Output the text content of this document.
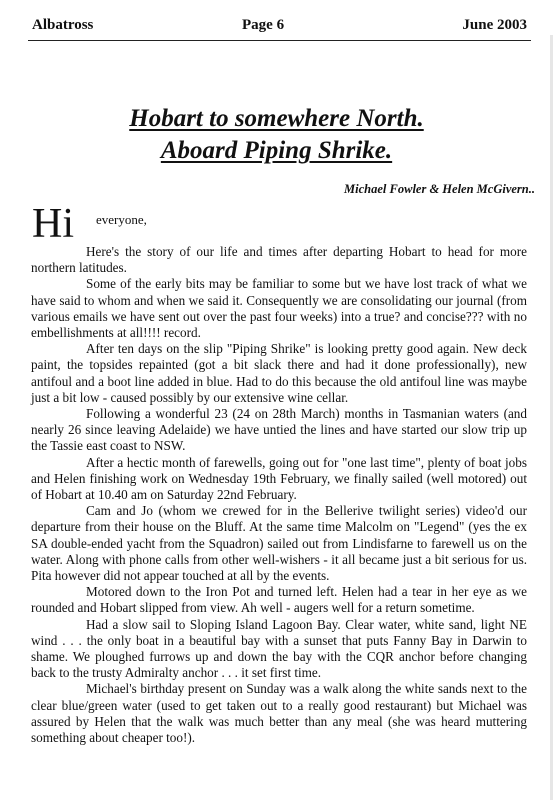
Albatross	Page 6	June 2003
Hobart to somewhere North.
Aboard Piping Shrike.
Michael Fowler & Helen McGivern..
Hi everyone,

Here's the story of our life and times after departing Hobart to head for more northern latitudes.

Some of the early bits may be familiar to some but we have lost track of what we have said to whom and when we said it. Consequently we are consolidating our journal (from various emails we have sent out over the past four weeks) into a true? and concise??? with no embellishments at all!!!! record.

After ten days on the slip "Piping Shrike" is looking pretty good again. New deck paint, the topsides repainted (got a bit slack there and had it done professionally), new antifoul and a boot line added in blue. Had to do this because the old antifoul line was maybe just a bit low - caused possibly by our extensive wine cellar.

Following a wonderful 23 (24 on 28th March) months in Tasmanian waters (and nearly 26 since leaving Adelaide) we have untied the lines and have started our slow trip up the Tassie east coast to NSW.

After a hectic month of farewells, going out for "one last time", plenty of boat jobs and Helen finishing work on Wednesday 19th February, we finally sailed (well motored) out of Hobart at 10.40 am on Saturday 22nd February.

Cam and Jo (whom we crewed for in the Bellerive twilight series) video'd our departure from their house on the Bluff. At the same time Malcolm on "Legend" (yes the ex SA double-ended yacht from the Squadron) sailed out from Lindisfarne to farewell us on the water. Along with phone calls from other well-wishers - it all became just a bit serious for us. Pita however did not appear touched at all by the events.

Motored down to the Iron Pot and turned left. Helen had a tear in her eye as we rounded and Hobart slipped from view. Ah well - augers well for a return sometime.

Had a slow sail to Sloping Island Lagoon Bay. Clear water, white sand, light NE wind . . . the only boat in a beautiful bay with a sunset that puts Fanny Bay in Darwin to shame. We ploughed furrows up and down the bay with the CQR anchor before changing back to the trusty Admiralty anchor . . . it set first time.

Michael's birthday present on Sunday was a walk along the white sands next to the clear blue/green water (used to get taken out to a really good restaurant) but Michael was assured by Helen that the walk was much better than any meal (she was heard muttering something about cheaper too!).
